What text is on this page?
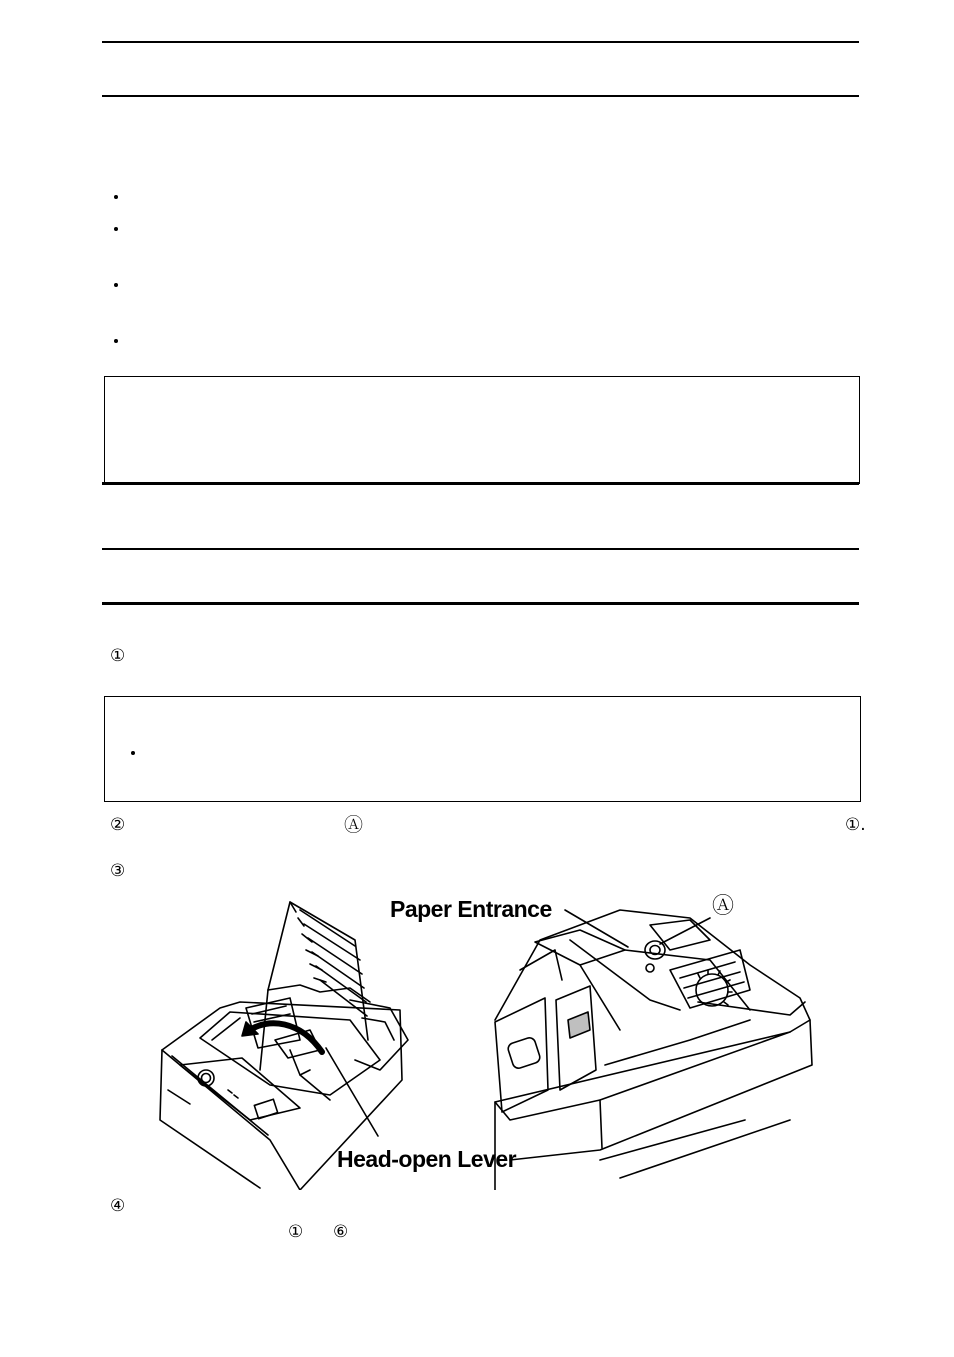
①
②	Ⓐ	①.
③
Paper Entrance	Ⓐ
Head-open Lever
④
① ⑥
